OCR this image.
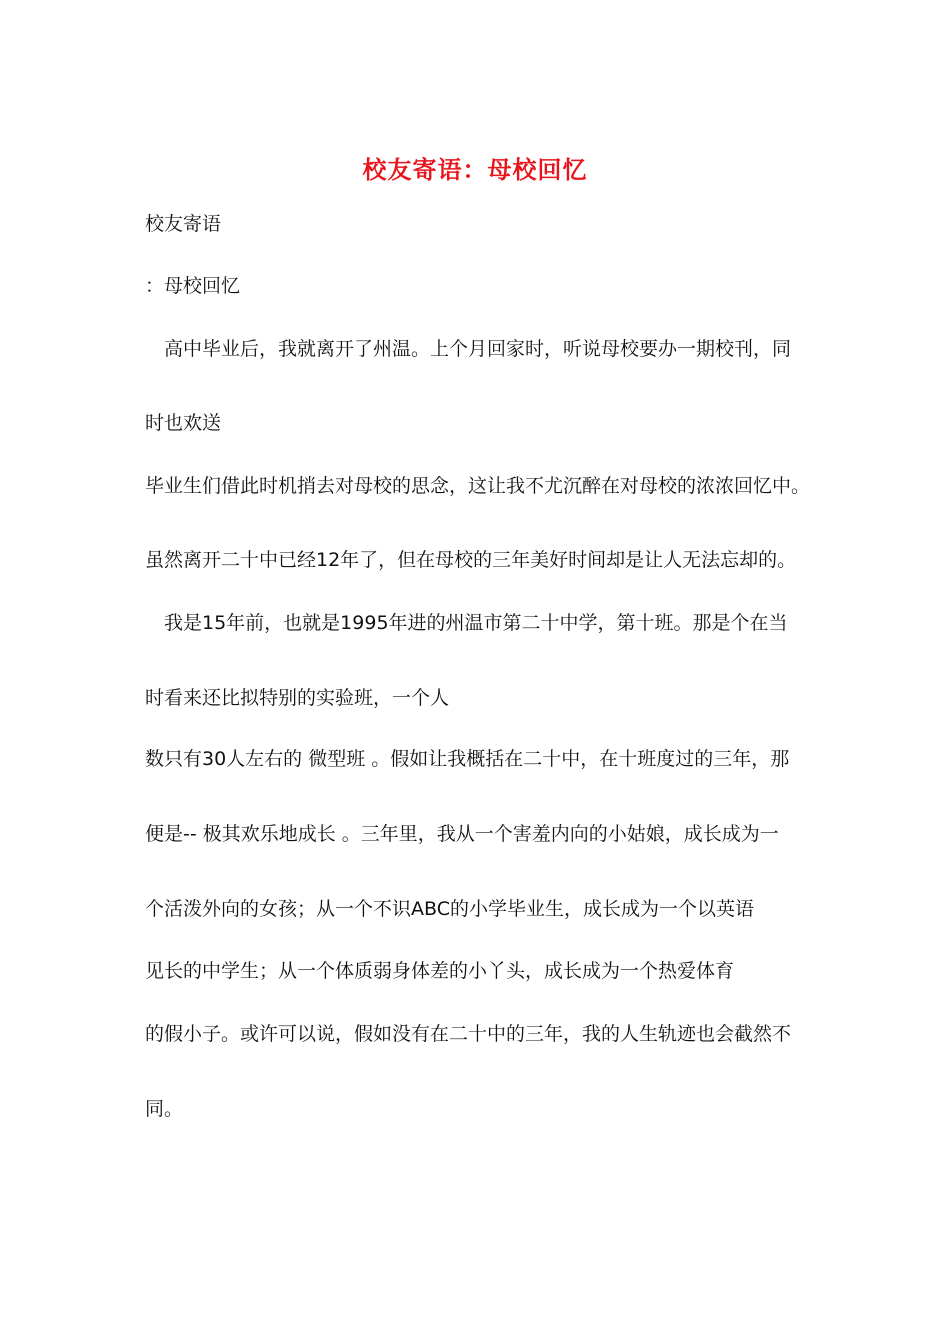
校友寄语：母校回忆
校友寄语
：母校回忆
　高中毕业后，我就离开了州温。上个月回家时，听说母校要办一期校刊，同
时也欢送
毕业生们借此时机捎去对母校的思念，这让我不尤沉醉在对母校的浓浓回忆中。
虽然离开二十中已经12年了，但在母校的三年美好时间却是让人无法忘却的。
　我是15年前，也就是1995年进的州温市第二十中学，第十班。那是个在当
时看来还比拟特别的实验班，一个人
数只有30人左右的 微型班 。假如让我概括在二十中，在十班度过的三年，那
便是-- 极其欢乐地成长 。三年里，我从一个害羞内向的小姑娘，成长成为一
个活泼外向的女孩；从一个不识ABC的小学毕业生，成长成为一个以英语
见长的中学生；从一个体质弱身体差的小丫头，成长成为一个热爱体育
的假小子。或许可以说，假如没有在二十中的三年，我的人生轨迹也会截然不
同。
